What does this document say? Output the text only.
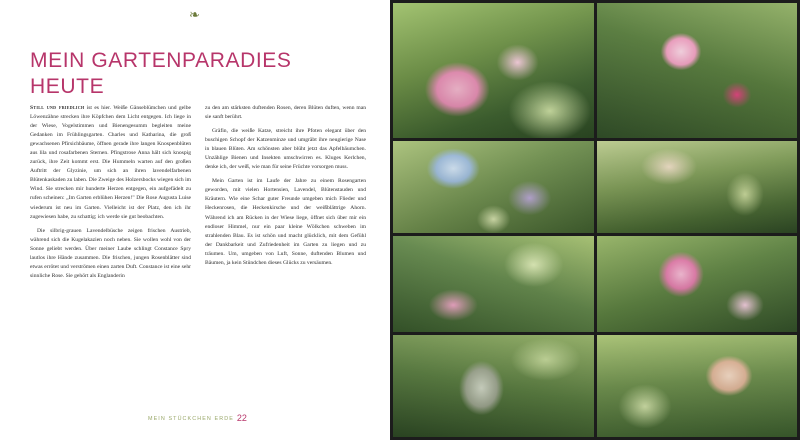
❧
MEIN GARTENPARADIES HEUTE

Still und friedlich ist es hier. Weiße Gänseblümchen und gelbe Löwenzähne strecken ihre Köpfchen dem Licht entgegen. Ich liege in der Wiese, Vogelstimmen und Bienengesumm begleiten meine Gedanken im Frühlingsgarten. Charles und Katharina, die groß gewachsenen Pfirsichbäume, öffnen gerade ihre langen Knospenblüten aus lila und rosafarbenen Sternen. Pfingstrose Anna hält sich knospig zurück, ihre Zeit kommt erst. Die Hummeln warten auf den großen Auftritt der Glyzinie, um sich an ihren lavendelfarbenen Blütenkaskaden zu laben. Die Zweige des Holzersbocks wiegen sich im Wind. Sie strecken mir hunderte Herzen entgegen, ein aufgefädelt zu rufen scheinen: „Im Garten erblühen Herzen!" Die Rose Augusta Luise wiederum ist neu im Garten. Vielleicht ist der Platz, den ich ihr zugewiesen habe, zu schattig; ich werde sie gut beobachten.

Die silbrig-grauen Lavendelbüsche zeigen frischen Austrieb, während sich die Kugelakazien noch neben. Sie wollen wohl von der Sonne geliebt werden. Über meiner Laube schlingt Constance Spry lautlos ihre Hände zusammen. Die frischen, jungen Rosenblätter sind etwas errötet und verströmen einen zarten Duft. Constance ist eine sehr sinnliche Rose. Sie gehört als Englanderin

zu den am stärksten duftenden Rosen, deren Blüten duften, wenn man sie sanft berührt.

Gräfin, die weiße Katze, streicht ihre Pfoten elegant über den buschigen Schopf der Katzenminze und umgräbt ihre neugierige Nase in blauen Blüten. Am schönsten aber blüht jetzt das Apfelbäumchen. Unzählige Bienen und Insekten umschwirren es. Kluges Kerlchen, denke ich, der weiß, wie man für seine Früchte vorsorgen muss.

Mein Garten ist im Laufe der Jahre zu einem Rosengarten geworden, mit vielen Hortensien, Lavendel, Blütenstauden und Kräutern. Wie eine Schar guter Freunde umgeben mich Flieder und Heckenrosen, die Heckenkirsche und der weißblättrige Ahorn. Während ich am Rücken in der Wiese liege, öffnet sich über mir ein endloser Himmel, nur ein paar kleine Wölkchen schweben im strahlenden Blau. Es ist schön und macht glücklich, mit dem Gefühl der Dankbarkeit und Zufriedenheit im Garten zu liegen und zu träumen. Um, umgeben von Luft, Sonne, duftenden Blumen und Bäumen, ja kein Stündchen dieses Glücks zu versäumen.

MEIN STÜCKCHEN ERDE 22
